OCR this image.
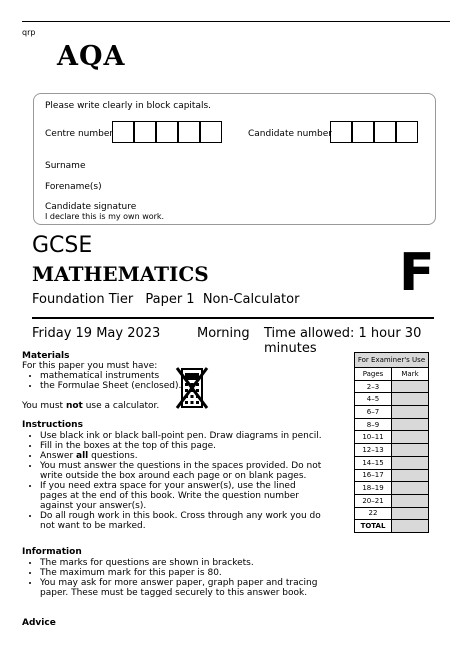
qrp
AQA
Please write clearly in block capitals.
Centre number	Candidate number
Surname
Forename(s)
Candidate signature
I declare this is my own work.
GCSE
MATHEMATICS
Foundation Tier Paper 1  Non-Calculator F
Friday 19 May 2023	Morning Time allowed: 1 hour 30 minutes
Materials
For this paper you must have:
• mathematical instruments
• the Formulae Sheet (enclosed).
You must not use a calculator.
Instructions
• Use black ink or black ball-point pen. Draw diagrams in pencil.
• Fill in the boxes at the top of this page.
• Answer all questions.
• You must answer the questions in the spaces provided. Do not write outside the box around each page or on blank pages.
• If you need extra space for your answer(s), use the lined pages at the end of this book. Write the question number against your answer(s).
• Do all rough work in this book. Cross through any work you do not want to be marked.
Information
• The marks for questions are shown in brackets.
• The maximum mark for this paper is 80.
• You may ask for more answer paper, graph paper and tracing paper. These must be tagged securely to this answer book.
Advice
For Examiner's Use	
Pages	Mark
2–3	
4–5	
6–7	
8–9	
10–11	
12–13	
14–15	
16–17	
18–19	
20–21	
22	
TOTAL	
